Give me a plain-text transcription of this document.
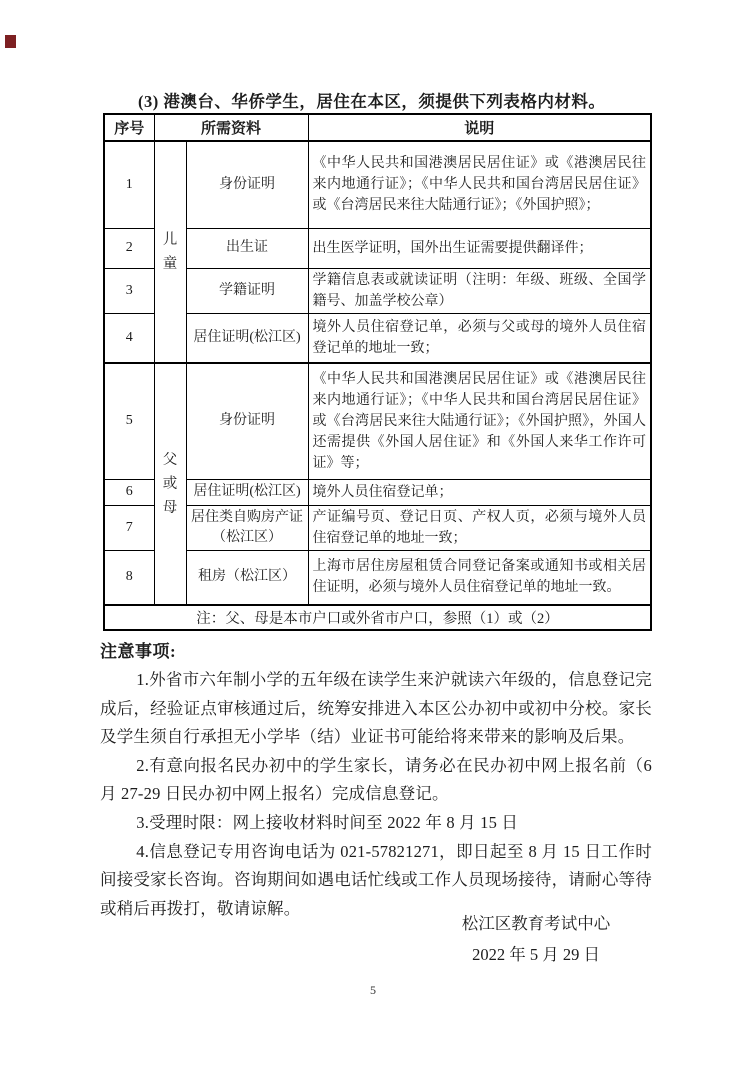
(3) 港澳台、华侨学生，居住在本区，须提供下列表格内材料。
序号	所需资料		说明
1	儿童	身份证明	《中华人民共和国港澳居民居住证》或《港澳居民往来内地通行证》；《中华人民共和国台湾居民居住证》或《台湾居民来往大陆通行证》；《外国护照》；
2		出生证	出生医学证明，国外出生证需要提供翻译件；
3		学籍证明	学籍信息表或就读证明（注明：年级、班级、全国学籍号、加盖学校公章）
4		居住证明(松江区)	境外人员住宿登记单，必须与父或母的境外人员住宿登记单的地址一致；
5	父或母	身份证明	《中华人民共和国港澳居民居住证》或《港澳居民往来内地通行证》；《中华人民共和国台湾居民居住证》或《台湾居民来往大陆通行证》；《外国护照》，外国人还需提供《外国人居住证》和《外国人来华工作许可证》等；
6		居住证明(松江区)	境外人员住宿登记单；
7		居住类自购房产证（松江区）	产证编号页、登记日页、产权人页，必须与境外人员住宿登记单的地址一致；
8		租房（松江区）	上海市居住房屋租赁合同登记备案或通知书或相关居住证明，必须与境外人员住宿登记单的地址一致。
注：父、母是本市户口或外省市户口，参照（1）或（2）			
注意事项:

1.外省市六年制小学的五年级在读学生来沪就读六年级的，信息登记完成后，经验证点审核通过后，统筹安排进入本区公办初中或初中分校。家长及学生须自行承担无小学毕（结）业证书可能给将来带来的影响及后果。

2.有意向报名民办初中的学生家长，请务必在民办初中网上报名前（6 月 27-29 日民办初中网上报名）完成信息登记。

3.受理时限：网上接收材料时间至 2022 年 8 月 15 日

4.信息登记专用咨询电话为 021-57821271，即日起至 8 月 15 日工作时间接受家长咨询。咨询期间如遇电话忙线或工作人员现场接待，请耐心等待或稍后再拨打，敬请谅解。

松江区教育考试中心
2022 年 5 月 29 日
5
